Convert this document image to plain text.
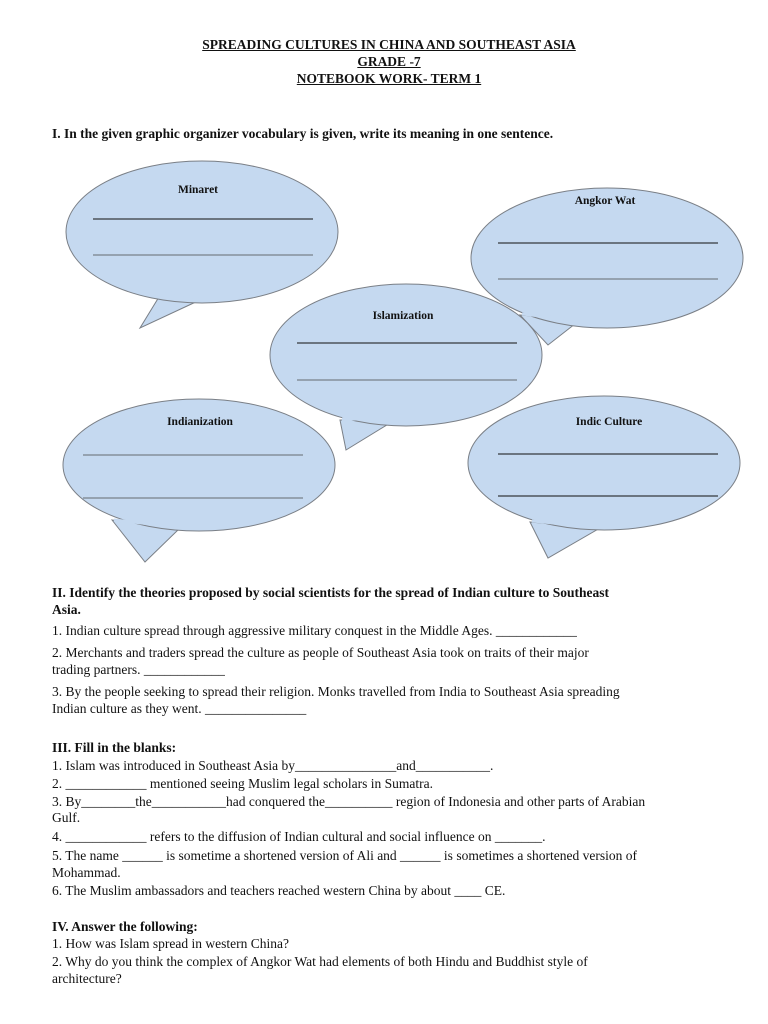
SPREADING CULTURES IN CHINA AND SOUTHEAST ASIA
GRADE -7
NOTEBOOK WORK- TERM 1
I. In the given graphic organizer vocabulary is given, write its meaning in one sentence.
Minaret
Angkor Wat
Islamization
Indianization	Indic Culture
II. Identify the theories proposed by social scientists for the spread of Indian culture to Southeast
Asia.
1. Indian culture spread through aggressive military conquest in the Middle Ages. ____________
2. Merchants and traders spread the culture as people of Southeast Asia took on traits of their major
trading partners. ____________
3. By the people seeking to spread their religion. Monks travelled from India to Southeast Asia spreading
Indian culture as they went. _______________
III. Fill in the blanks:
1. Islam was introduced in Southeast Asia by_______________and___________.
2. ____________ mentioned seeing Muslim legal scholars in Sumatra.
3. By________the___________had conquered the__________ region of Indonesia and other parts of Arabian
Gulf.
4. ____________ refers to the diffusion of Indian cultural and social influence on _______.
5. The name ______ is sometime a shortened version of Ali and ______ is sometimes a shortened version of
Mohammad.
6. The Muslim ambassadors and teachers reached western China by about ____ CE.
IV. Answer the following:
1. How was Islam spread in western China?
2. Why do you think the complex of Angkor Wat had elements of both Hindu and Buddhist style of
architecture?
